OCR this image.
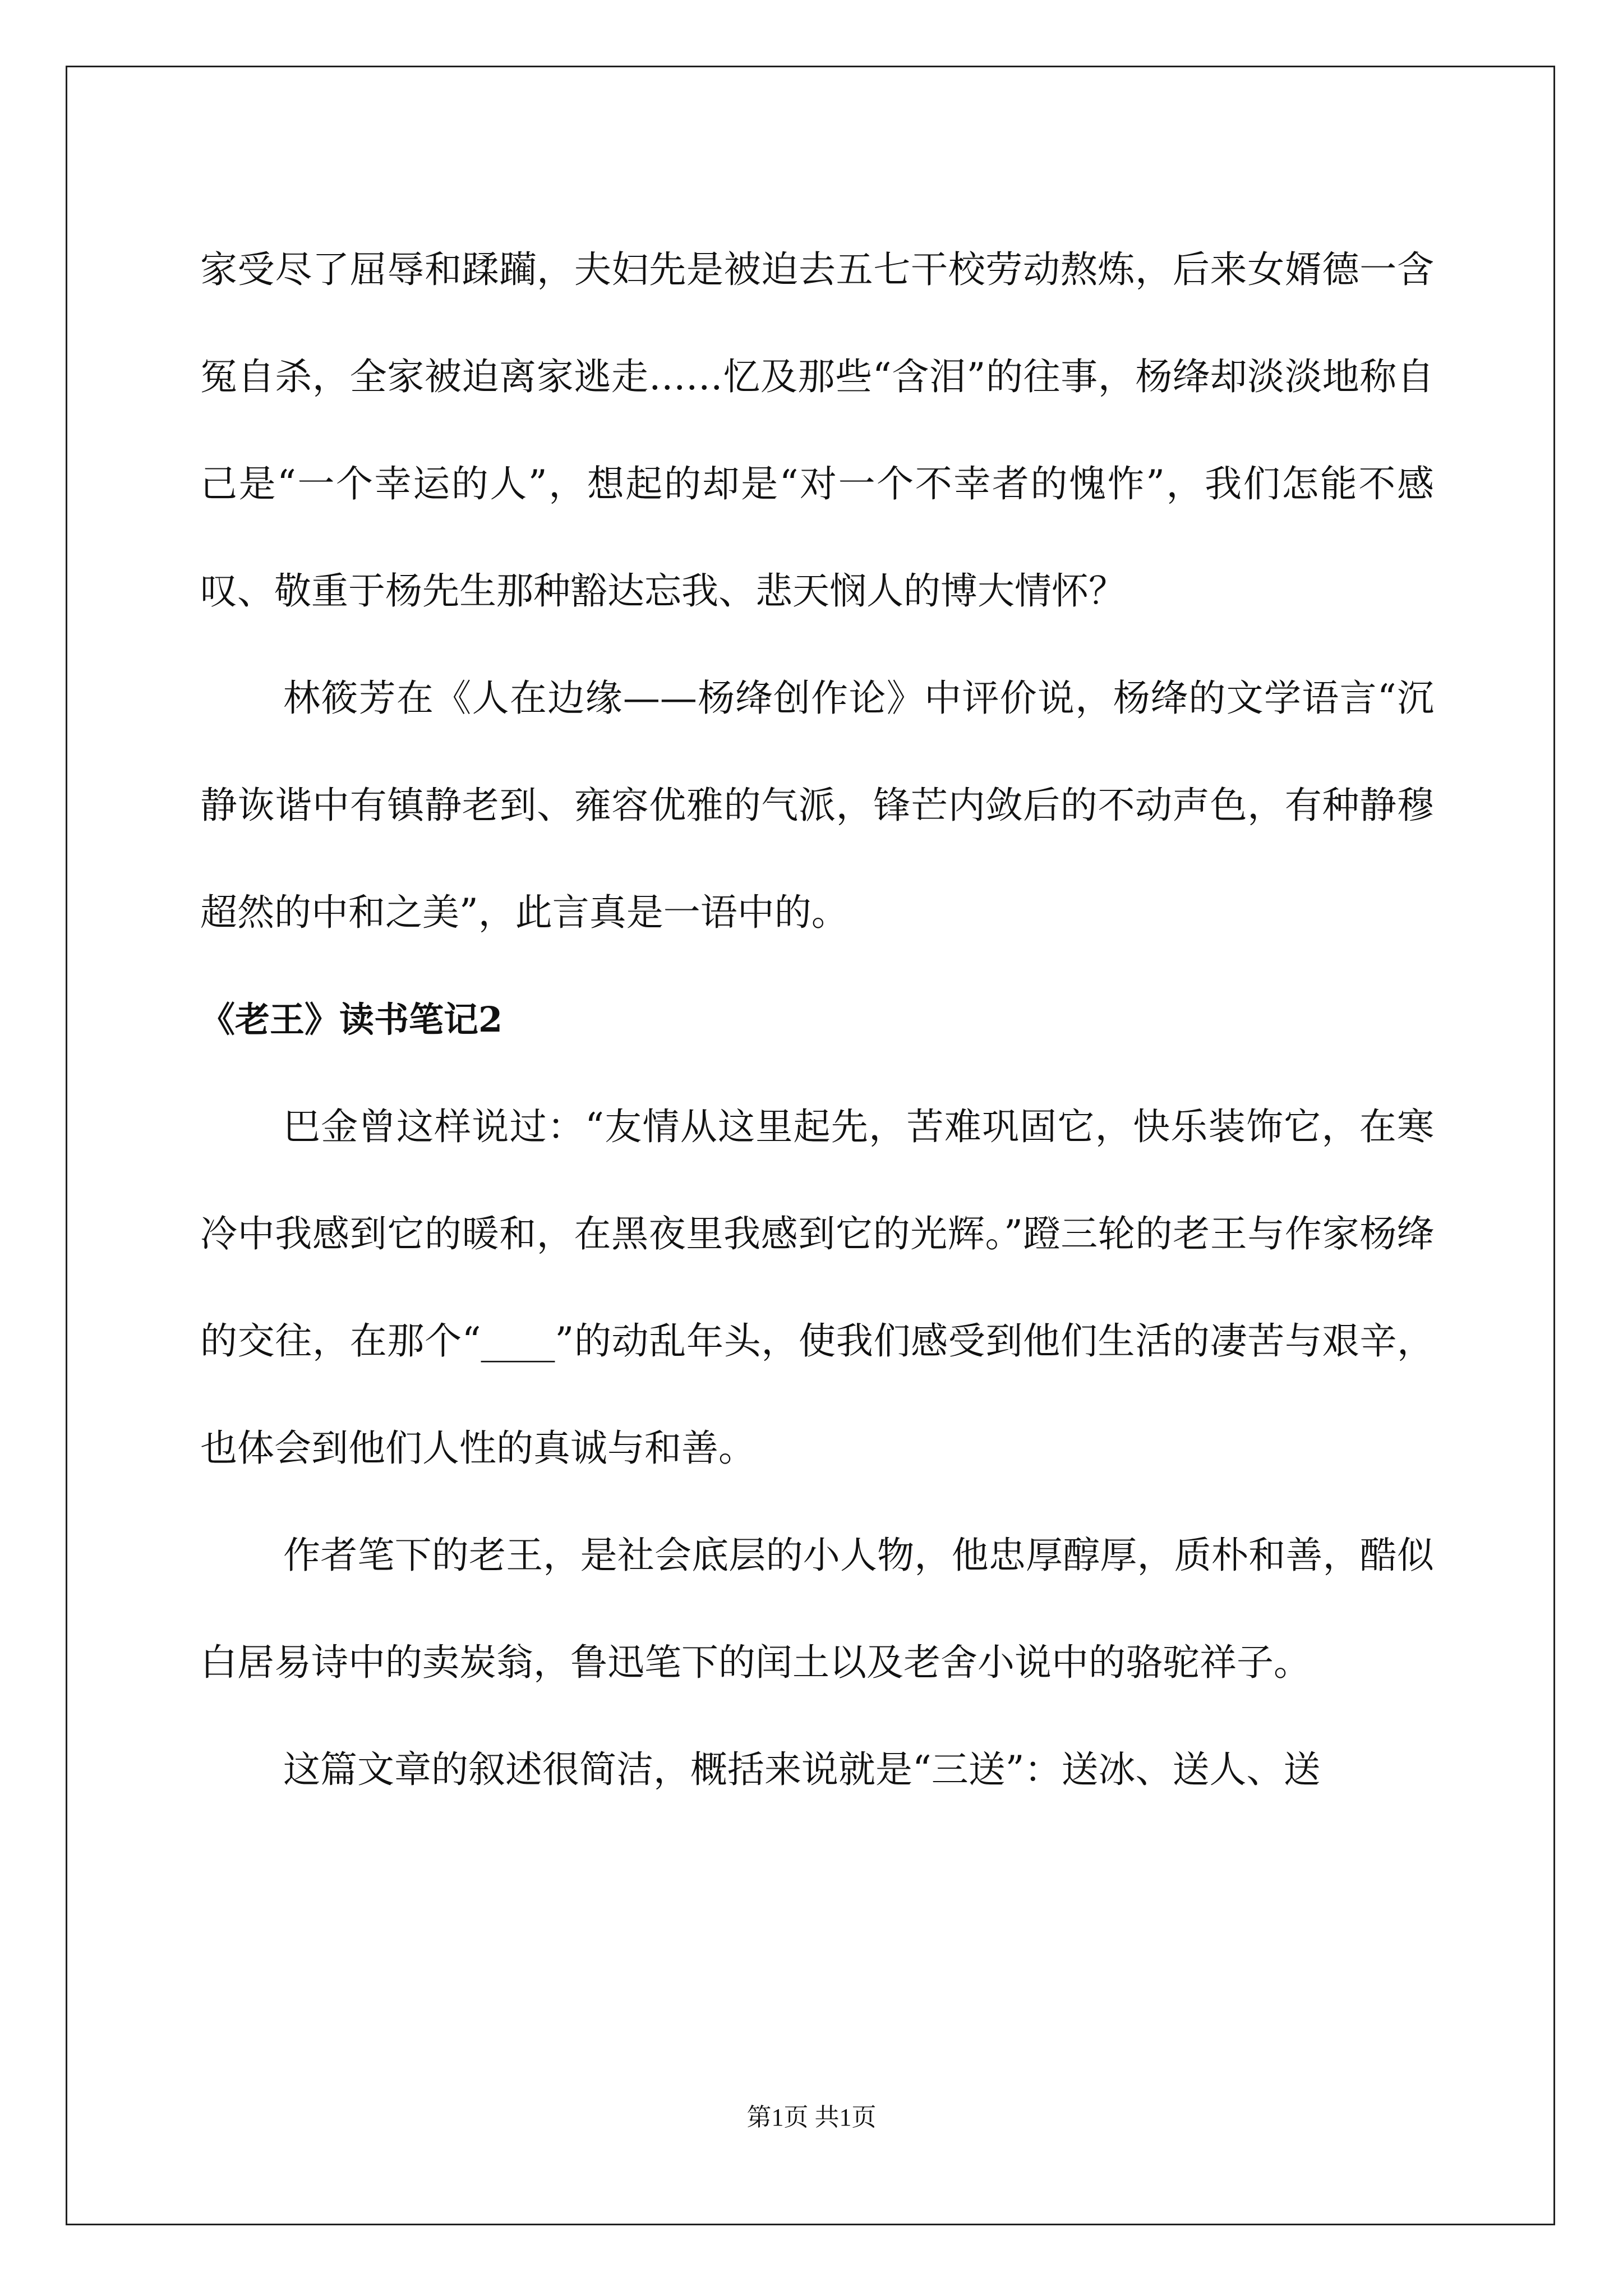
家受尽了屈辱和蹂躏，夫妇先是被迫去五七干校劳动熬炼，后来女婿德一含冤自杀，全家被迫离家逃走……忆及那些“含泪”的往事，杨绛却淡淡地称自己是“一个幸运的人”，想起的却是“对一个不幸者的愧怍”，我们怎能不感叹、敬重于杨先生那种豁达忘我、悲天悯人的博大情怀？

林筱芳在《人在边缘——杨绛创作论》中评价说，杨绛的文学语言“沉静诙谐中有镇静老到、雍容优雅的气派，锋芒内敛后的不动声色，有种静穆超然的中和之美”，此言真是一语中的。

《老王》读书笔记2

巴金曾这样说过：“友情从这里起先，苦难巩固它，快乐装饰它，在寒冷中我感到它的暖和，在黑夜里我感到它的光辉。”蹬三轮的老王与作家杨绛的交往，在那个“____”的动乱年头，使我们感受到他们生活的凄苦与艰辛，也体会到他们人性的真诚与和善。

作者笔下的老王，是社会底层的小人物，他忠厚醇厚，质朴和善，酷似白居易诗中的卖炭翁，鲁迅笔下的闰土以及老舍小说中的骆驼祥子。

这篇文章的叙述很简洁，概括来说就是“三送”：送冰、送人、送

第1页 共1页
